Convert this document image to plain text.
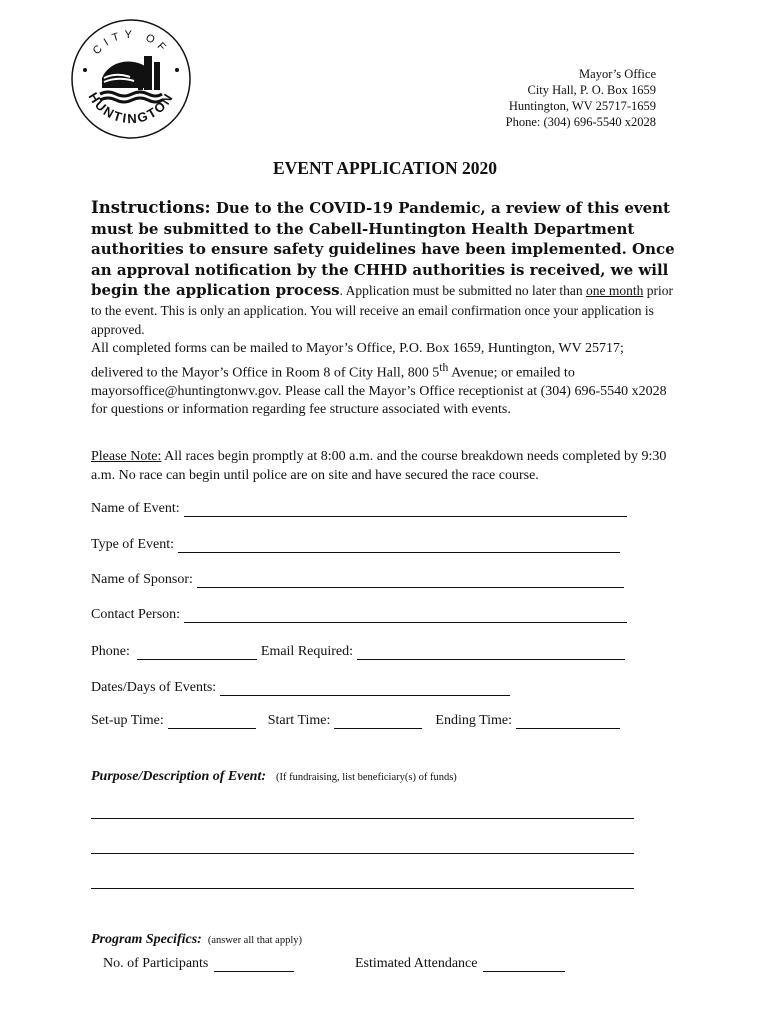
CITY OF
HUNTINGTON
Mayor’s Office
City Hall, P. O. Box 1659
Huntington, WV 25717-1659
Phone: (304) 696-5540 x2028
EVENT APPLICATION 2020
Instructions: Due to the COVID-19 Pandemic, a review of this event must be submitted to the Cabell-Huntington Health Department authorities to ensure safety guidelines have been implemented. Once
an approval notification by the CHHD authorities is received, we will begin the application process. Application must be submitted no later than one month prior to the event. This is only an application. You will receive an email confirmation once your application is approved.
All completed forms can be mailed to Mayor’s Office, P.O. Box 1659, Huntington, WV 25717; delivered to the Mayor’s Office in Room 8 of City Hall, 800 5th Avenue; or emailed to mayorsoffice@huntingtonwv.gov. Please call the Mayor’s Office receptionist at (304) 696-5540 x2028 for questions or information regarding fee structure associated with events.
Please Note: All races begin promptly at 8:00 a.m. and the course breakdown needs completed by 9:30 a.m. No race can begin until police are on site and have secured the race course.
Name of Event:
Type of Event:
Name of Sponsor:
Contact Person:
Phone:	Email Required:
Dates/Days of Events:
Set-up Time:	Start Time:	Ending Time:
Purpose/Description of Event: (If fundraising, list beneficiary(s) of funds)
Program Specifics: (answer all that apply)
No. of Participants	Estimated Attendance
